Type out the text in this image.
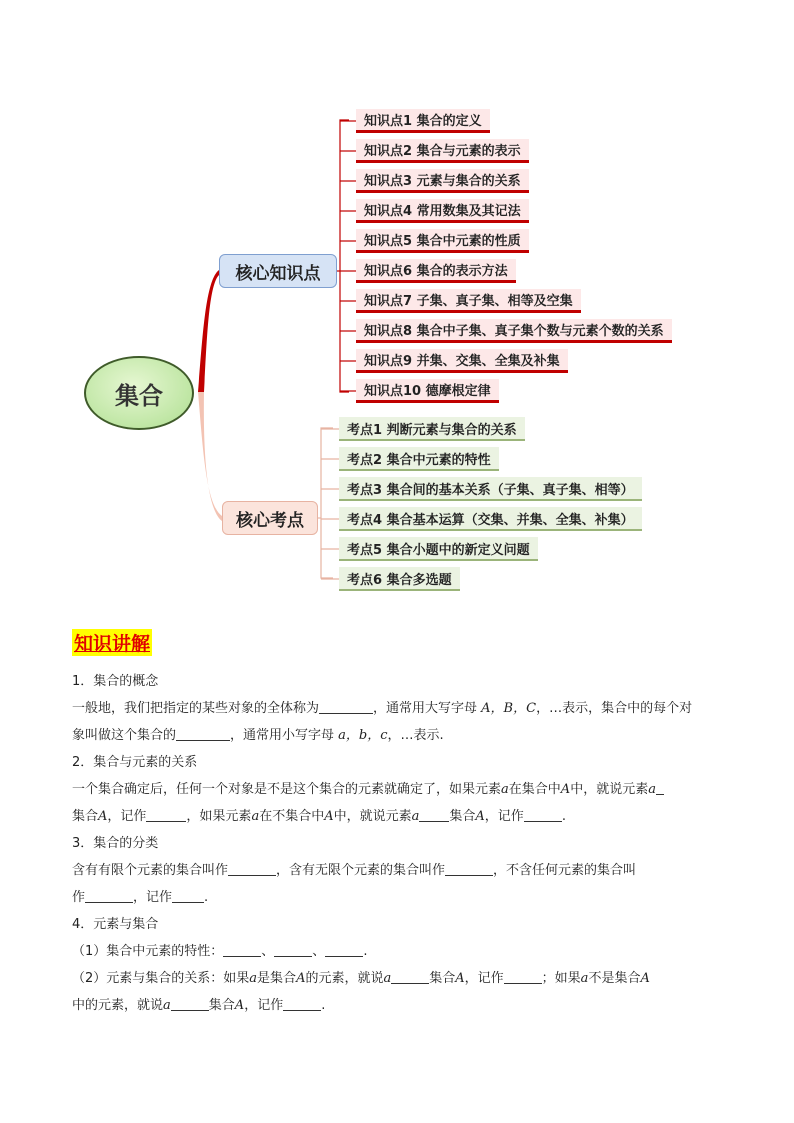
集合
核心知识点
核心考点
知识点1 集合的定义
知识点2 集合与元素的表示
知识点3 元素与集合的关系
知识点4 常用数集及其记法
知识点5 集合中元素的性质
知识点6 集合的表示方法
知识点7 子集、真子集、相等及空集
知识点8 集合中子集、真子集个数与元素个数的关系
知识点9 并集、交集、全集及补集
知识点10 德摩根定律
考点1 判断元素与集合的关系
考点2 集合中元素的特性
考点3 集合间的基本关系（子集、真子集、相等）
考点4 集合基本运算（交集、并集、全集、补集）
考点5 集合小题中的新定义问题
考点6 集合多选题
知识讲解
1．集合的概念
一般地，我们把指定的某些对象的全体称为	，通常用大写字母 A，B，C，…表示，集合中的每个对
象叫做这个集合的	，通常用小写字母 a，b，c，…表示.
2．集合与元素的关系
一个集合确定后，任何一个对象是不是这个集合的元素就确定了，如果元素a在集合中A中，就说元素a
集合A，记作	，如果元素a在不集合中A中，就说元素a 集合A，记作	.
3．集合的分类
含有有限个元素的集合叫作	，含有无限个元素的集合叫作	，不含任何元素的集合叫
作	，记作 .
4．元素与集合
（1）集合中元素的特性：	、	、	.
（2）元素与集合的关系：如果a是集合A的元素，就说a	集合A，记作	；如果a不是集合A
中的元素，就说a	集合A，记作	.
